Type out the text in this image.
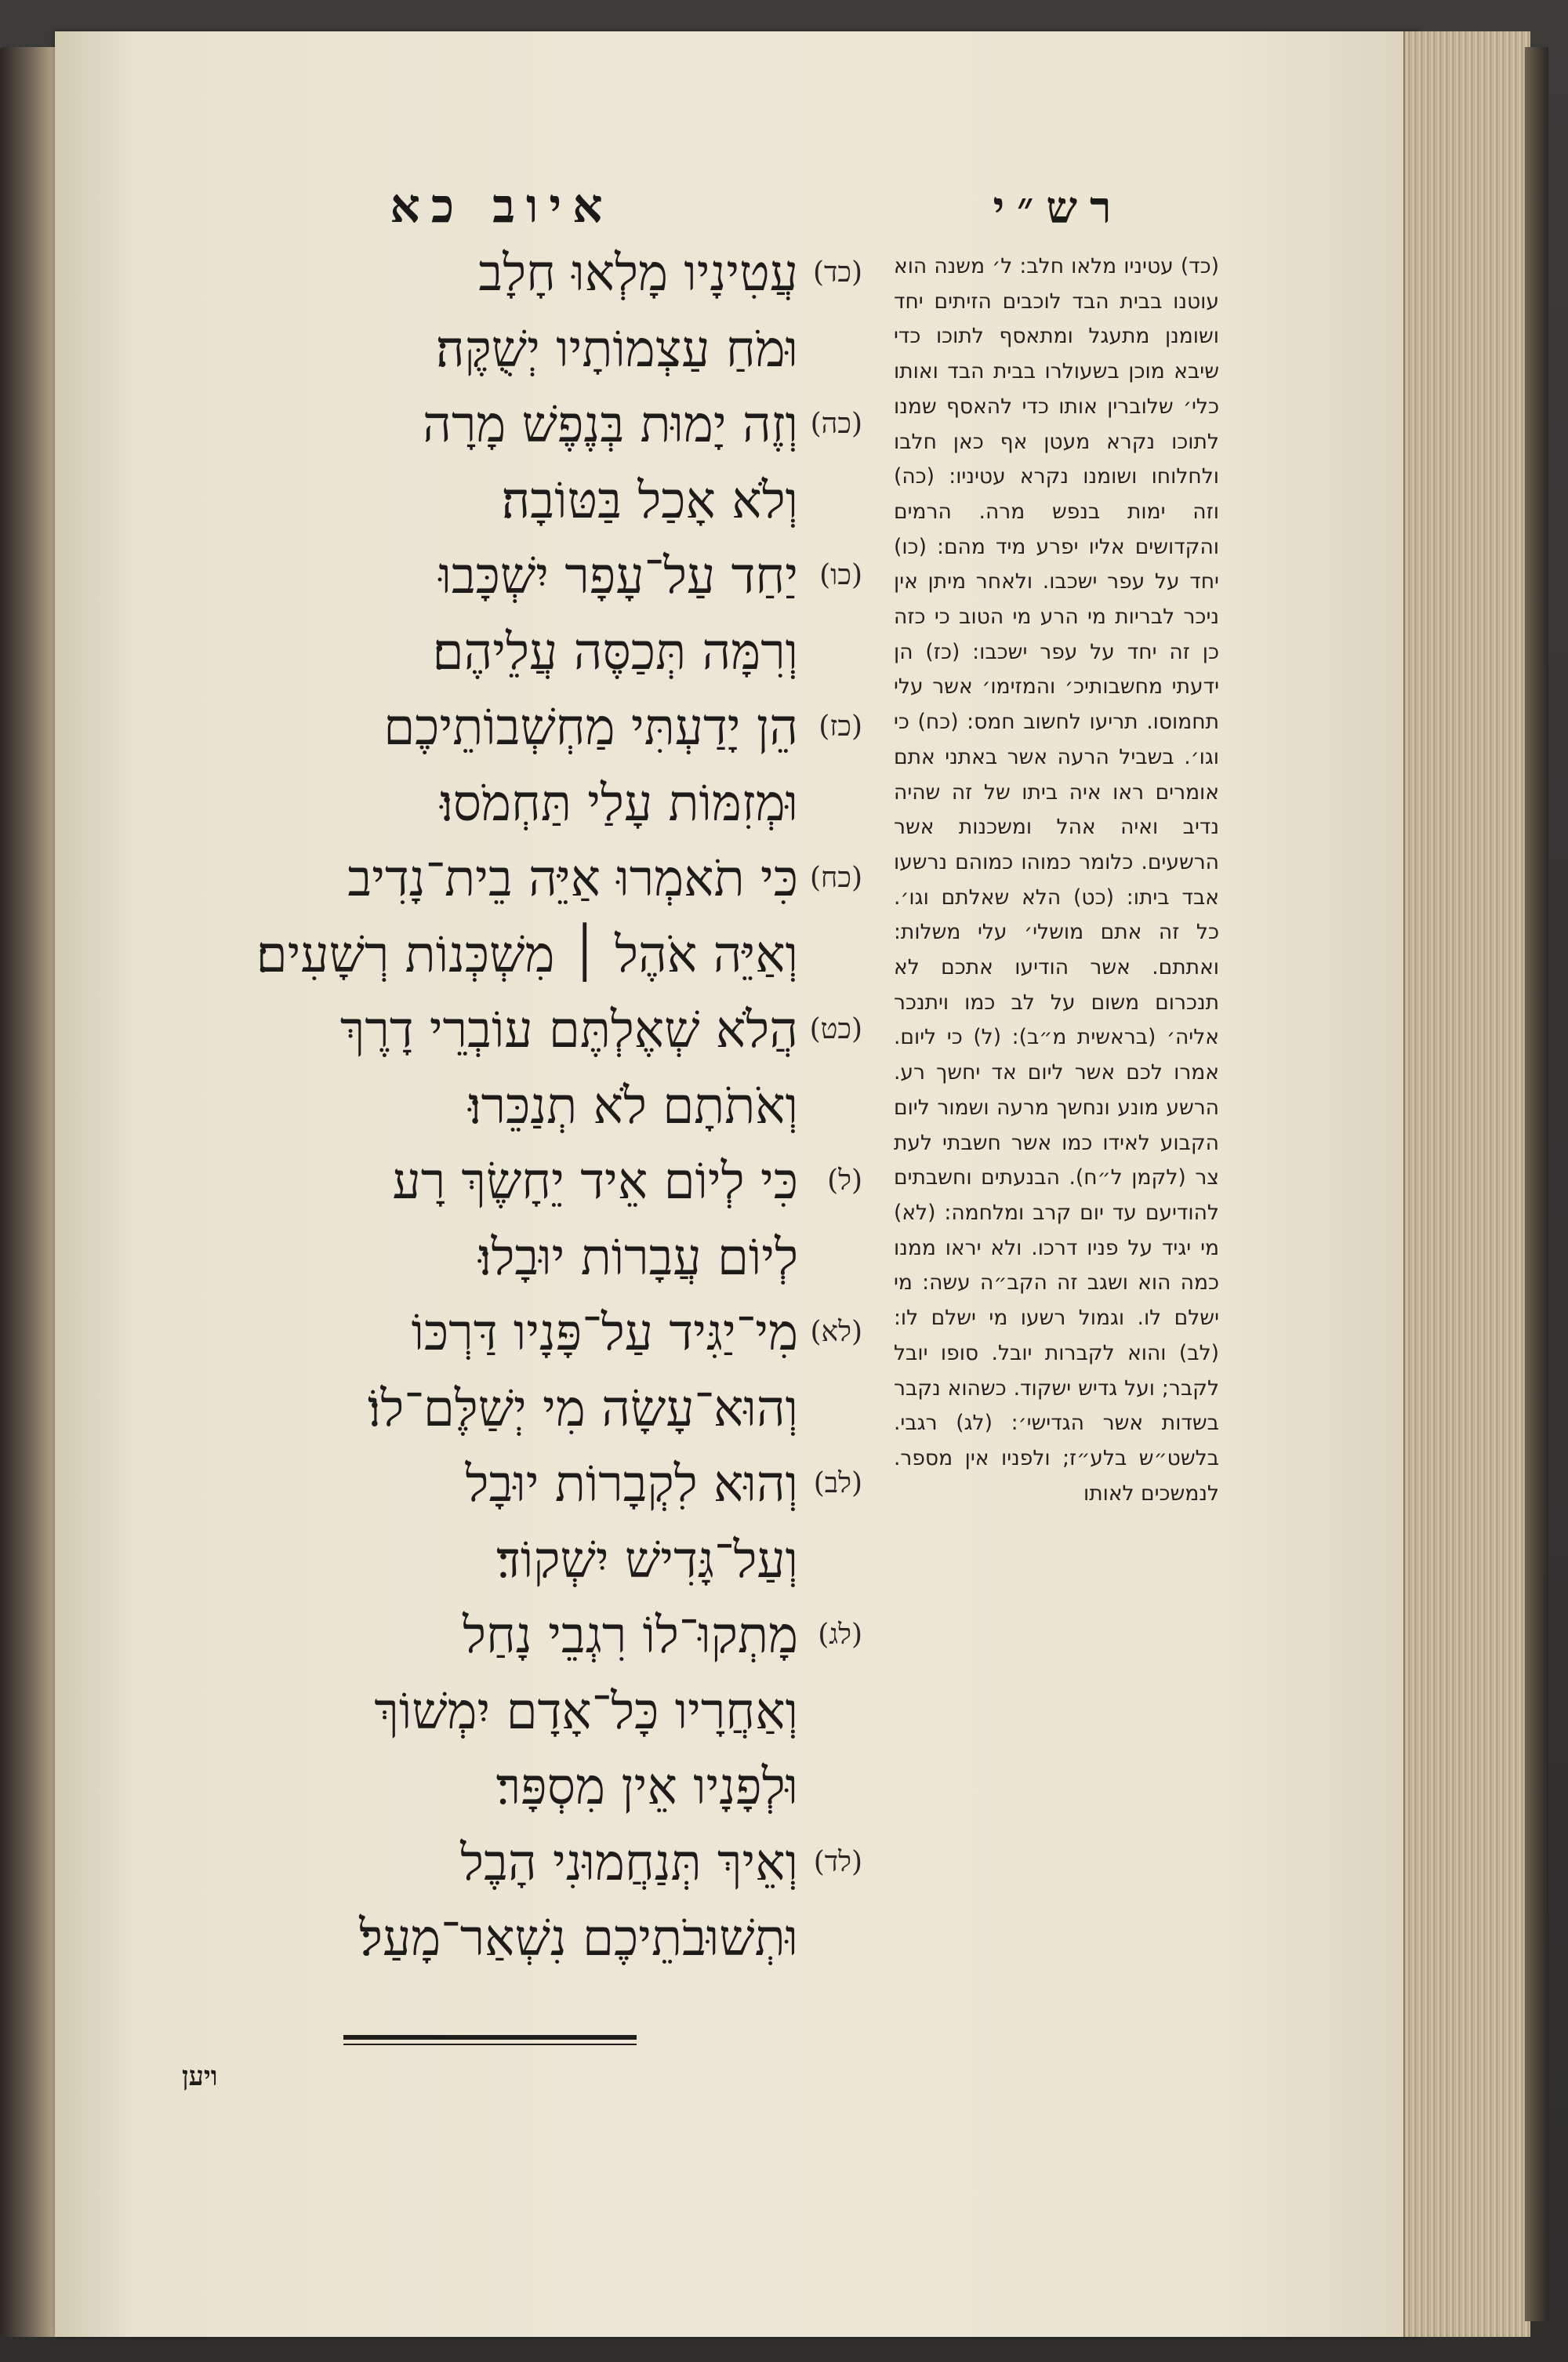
איוב כא	רש״י
(כד)
עֲטִינָיו מָלְאוּ חָלָב
וּמֹחַ עַצְמוֹתָיו יְשֻׁקֶּה׃
(כה)
וְזֶה יָמוּת בְּנֶפֶשׁ מָרָה
וְלֹא אָכַל בַּטּוֹבָה׃
(כו)
יַחַד עַל־עָפָר יִשְׁכָּבוּ
וְרִמָּה תְּכַסֶּה עֲלֵיהֶם׃
(כז)
הֵן יָדַעְתִּי מַחְשְׁבוֹתֵיכֶם
וּמְזִמּוֹת עָלַי תַּחְמֹסוּ׃
(כח)
כִּי תֹאמְרוּ אַיֵּה בֵית־נָדִיב
וְאַיֵּה אֹהֶל ׀ מִשְׁכְּנוֹת רְשָׁעִים׃
(כט)
הֲלֹא שְׁאֶלְתֶּם עוֹבְרֵי דָרֶךְ
וְאֹתֹתָם לֹא תְנַכֵּרוּ׃
(ל)
כִּי לְיוֹם אֵיד יֵחָשֶׂךְ רָע
לְיוֹם עֲבָרוֹת יוּבָלוּ׃
(לא)
מִי־יַגִּיד עַל־פָּנָיו דַּרְכּוֹ
וְהוּא־עָשָׂה מִי יְשַׁלֶּם־לוֹ׃
(לב)
וְהוּא לִקְבָרוֹת יוּבָל
וְעַל־גָּדִישׁ יִשְׁקוֹד׃
(לג)
מָתְקוּ־לוֹ רִגְבֵי נָחַל
וְאַחֲרָיו כָּל־אָדָם יִמְשׁוֹךְ
וּלְפָנָיו אֵין מִסְפָּר׃
(לד)
וְאֵיךְ תְּנַחֲמוּנִי הָבֶל
וּתְשׁוּבֹתֵיכֶם נִשְׁאַר־מָעַל׃
ויען
(כד) עטיניו מלאו חלב: ל׳ משנה הוא עוטנו בבית הבד לוכבים הזיתים יחד ושומנן מתעגל ומתאסף לתוכו כדי שיבא מוכן בשעולרו בבית הבד ואותו כלי׳ שלוברין אותו כדי להאסף שמנו לתוכו נקרא מעטן אף כאן חלבו ולחלוחו ושומנו נקרא עטיניו: (כה) וזה ימות בנפש מרה. הרמים והקדושים אליו יפרע מיד מהם: (כו) יחד על עפר ישכבו. ולאחר מיתן אין ניכר לבריות מי הרע מי הטוב כי כזה כן זה יחד על עפר ישכבו: (כז) הן ידעתי מחשבותיכ׳ והמזימו׳ אשר עלי תחמוסו. תריעו לחשוב חמס: (כח) כי וגו׳. בשביל הרעה אשר באתני אתם אומרים ראו איה ביתו של זה שהיה נדיב ואיה אהל ומשכנות אשר הרשעים. כלומר כמוהו כמוהם נרשעו אבד ביתו: (כט) הלא שאלתם וגו׳. כל זה אתם מושלי׳ עלי משלות: ואתתם. אשר הודיעו אתכם לא תנכרום משום על לב כמו ויתנכר אליה׳ (בראשית מ״ב): (ל) כי ליום. אמרו לכם אשר ליום אד יחשך רע. הרשע מונע ונחשך מרעה ושמור ליום הקבוע לאידו כמו אשר חשבתי לעת צר (לקמן ל״ח). הבנעתים וחשבתים להודיעם עד יום קרב ומלחמה: (לא) מי יגיד על פניו דרכו. ולא יראו ממנו כמה הוא ושגב זה הקב״ה עשה: מי ישלם לו. וגמול רשעו מי ישלם לו: (לב) והוא לקברות יובל. סופו יובל לקבר; ועל גדיש ישקוד. כשהוא נקבר בשדות אשר הגדישי׳: (לג) רגבי. בלשט״ש בלע״ז; ולפניו אין מספר. לנמשכים לאותו
